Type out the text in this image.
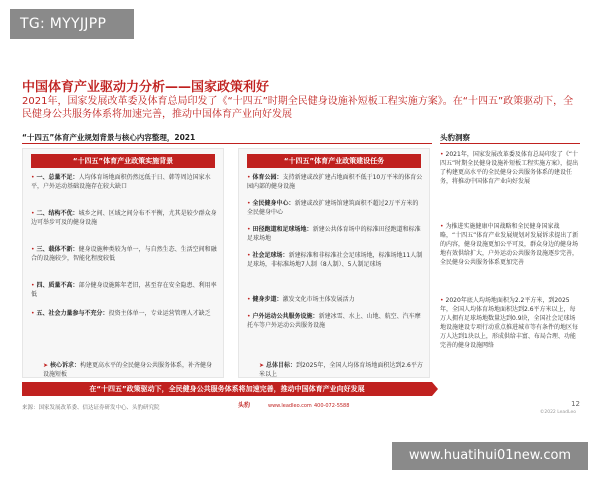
TG: MYYJJPP
中国体育产业驱动力分析——国家政策利好
2021年，国家发展改革委及体育总局印发了《“十四五”时期全民健身设施补短板工程实施方案》。在“十四五”政策驱动下，全民健身公共服务体系将加速完善，推动中国体育产业向好发展
“十四五”体育产业规划背景与核心内容整理，2021	头豹洞察
“十四五”体育产业政策实施背景
• 一、总量不足：人均体育场地面积仍然远低于日、韩等周边国家水平，户外运动基础设施存在较大缺口
• 二、结构不优：城乡之间、区域之间分布不平衡，尤其是较少群众身边可举步可及的健身设施
• 三、载体不新：健身设施种类较为单一，与自然生态、生活空间和融合的设施较少，智能化程度较低
• 四、质量不高：部分健身设施陈年老旧，甚至存在安全隐患、利用率低
• 五、社会力量参与不充分：投资主体单一，专业运营管理人才缺乏
➤ 核心诉求：构建更高水平的全民健身公共服务体系，补齐健身设施短板
“十四五”体育产业政策建设任务
• 体育公园：支持新建或改扩建占地面积不低于10万平米的体育公园内部的健身设施
• 全民健身中心：新建或改扩建场馆建筑面积不超过2万平方米的全民健身中心
• 田径跑道和足球场地：新建公共体育场中的标准田径跑道和标准足球场地
• 社会足球场：新建标准和非标准社会足球场地，标准场地11人制足球场，非标准场地7人制（8人制）、5人制足球场
• 健身步道：激发文化市场主体发展活力
• 户外运动公共服务设施：新建冰雪、水上、山地、航空、汽车摩托车等户外运动公共服务设施
➤ 总体目标：到2025年，全国人均体育场地面积达到2.6平方米以上
在“十四五”政策驱动下，全民健身公共服务体系将加速完善，推动中国体育产业向好发展
• 2021年，国家发展改革委及体育总局印发了《“十四五”时期全民健身设施补短板工程实施方案》，提出了构建更高水平的全民健身公共服务体系的建设任务，将推动中国体育产业向好发展
• 为推进实施健康中国战略和全民健身国家战略，“十四五”体育产业发展规划对发展诉求提出了新的内容，健身设施更加公平可及，群众身边的健身场地有效供给扩大，户外运动公共服务设施逐步完善，全民健身公共服务体系更加完善
• 2020年底人均场地面积为2.2平方米，到2025年，全国人均体育场地面积达到2.6平方米以上，每万人拥有足球场地数量达到0.9块，全国社会足球场地设施建设专项行动重点推进城市等有条件的地区每万人达到1块以上，形成供给丰富、布局合理、功能完善的健身设施网络
来源：国家发展改革委、信达证券研发中心、头豹研究院	头豹	www.leadleo.com 400-072-5588	12
©2022 LeadLeo
www.huatihui01new.com
